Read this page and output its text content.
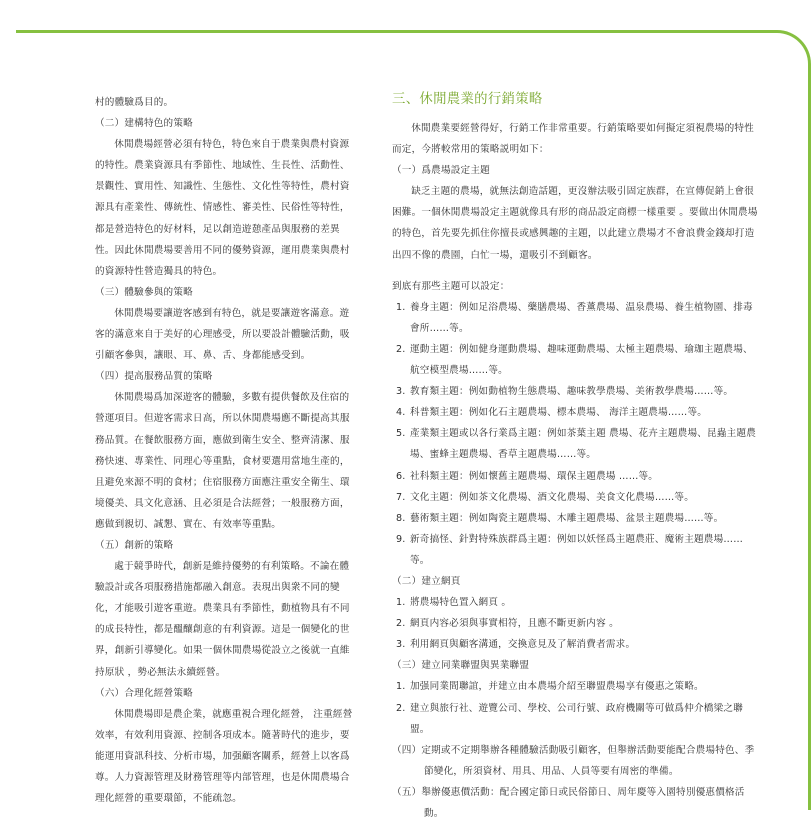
村的體驗爲目的。

（二）建構特色的策略

休閒農場經營必須有特色，特色來自于農業與農村資源的特性。農業資源具有季節性、地域性、生長性、活動性、景觀性、實用性、知識性、生態性、文化性等特性，農村資源具有產業性、傳統性、情感性、審美性、民俗性等特性，都是營造特色的好材料，足以創造遊憩產品與服務的差異性。因此休閒農場要善用不同的優勢資源，運用農業與農村的資源特性營造獨具的特色。

（三）體驗參與的策略

休閒農場要讓遊客感到有特色，就是要讓遊客滿意。遊客的滿意來自于美好的心理感受，所以要設計體驗活動，吸引顧客參與，讓眼、耳、鼻、舌、身都能感受到。

（四）提高服務品質的策略

休閒農場爲加深遊客的體驗，多數有提供餐飲及住宿的營運項目。但遊客需求日高，所以休閒農場應不斷提高其服務品質。在餐飲服務方面，應做到衛生安全、整齊清潔、服務快速、專業性、同理心等重點，食材要選用當地生產的，且避免來源不明的食材；住宿服務方面應注重安全衛生、環境優美、具文化意涵、且必須是合法經營；一般服務方面，應做到親切、誠懇、實在、有效率等重點。

（五）創新的策略

處于競爭時代，創新是維持優勢的有利策略。不論在體驗設計或各項服務措施都融入創意。表現出與衆不同的變化，才能吸引遊客重遊。農業具有季節性，動植物具有不同的成長特性，都是醞釀創意的有利資源。這是一個變化的世界，創新引導變化。如果一個休閒農場從設立之後就一直維持原狀 ，勢必無法永續經營。

（六）合理化經營策略

休閒農場即是農企業，就應重視合理化經營， 注重經營效率，有效利用資源、控制各項成本。隨著時代的進步，要能運用資訊科技、分析市場，加强顧客關系，經營上以客爲尊。人力資源管理及財務管理等内部管理，也是休閒農場合理化經營的重要環節，不能疏忽。

三、休閒農業的行銷策略

休閒農業要經營得好，行銷工作非常重要。行銷策略要如何擬定須視農場的特性而定，今將較常用的策略説明如下：

（一）爲農場設定主題

缺乏主題的農場，就無法創造話題，更沒辦法吸引固定族群，在宣傳促銷上會很困難。一個休閒農場設定主題就像具有形的商品設定商標一樣重要 。要做出休閒農場的特色，首先要先抓住你擅長或感興趣的主題，以此建立農場才不會浪費金錢却打造出四不像的農園，白忙一場，還吸引不到顧客。

到底有那些主題可以設定：

1. 養身主題：例如足浴農場、藥膳農場、香薰農場、温泉農場、養生植物園、排毒會所……等。
2. 運動主題：例如健身運動農場、趣味運動農場、太極主題農場、瑜珈主題農場、航空模型農場……等。
3. 教育類主題：例如動植物生態農場、趣味教學農場、美術教學農場……等。
4. 科普類主題：例如化石主題農場、標本農場、 海洋主題農場……等。
5. 產業類主題或以各行業爲主題：例如茶葉主題 農場、花卉主題農場、昆蟲主題農場、蜜蜂主題農場、香草主題農場……等。
6. 社科類主題：例如懷舊主題農場、環保主題農場 ……等。
7. 文化主題：例如茶文化農場、酒文化農場、美食文化農場……等。
8. 藝術類主題：例如陶瓷主題農場、木雕主題農場、盆景主題農場……等。
9. 新奇搞怪、針對特殊族群爲主題：例如以妖怪爲主題農莊、魔術主題農場……等。

（二）建立網頁

1. 將農場特色置入網頁 。
2. 網頁内容必須與事實相符，且應不斷更新内容 。
3. 利用網頁與顧客溝通，交換意見及了解消費者需求。

（三）建立同業聯盟與異業聯盟

1. 加强同業間聯誼，并建立由本農場介紹至聯盟農場享有優惠之策略。
2. 建立與旅行社、遊覽公司、學校、公司行號、政府機關等可做爲仲介橋梁之聯盟。

（四）定期或不定期舉辦各種體驗活動吸引顧客，但舉辦活動要能配合農場特色、季節變化，所須資材、用具、用品、人員等要有周密的準備。

（五）舉辦優惠價活動：配合國定節日或民俗節日、周年慶等入園特別優惠價格活動。
